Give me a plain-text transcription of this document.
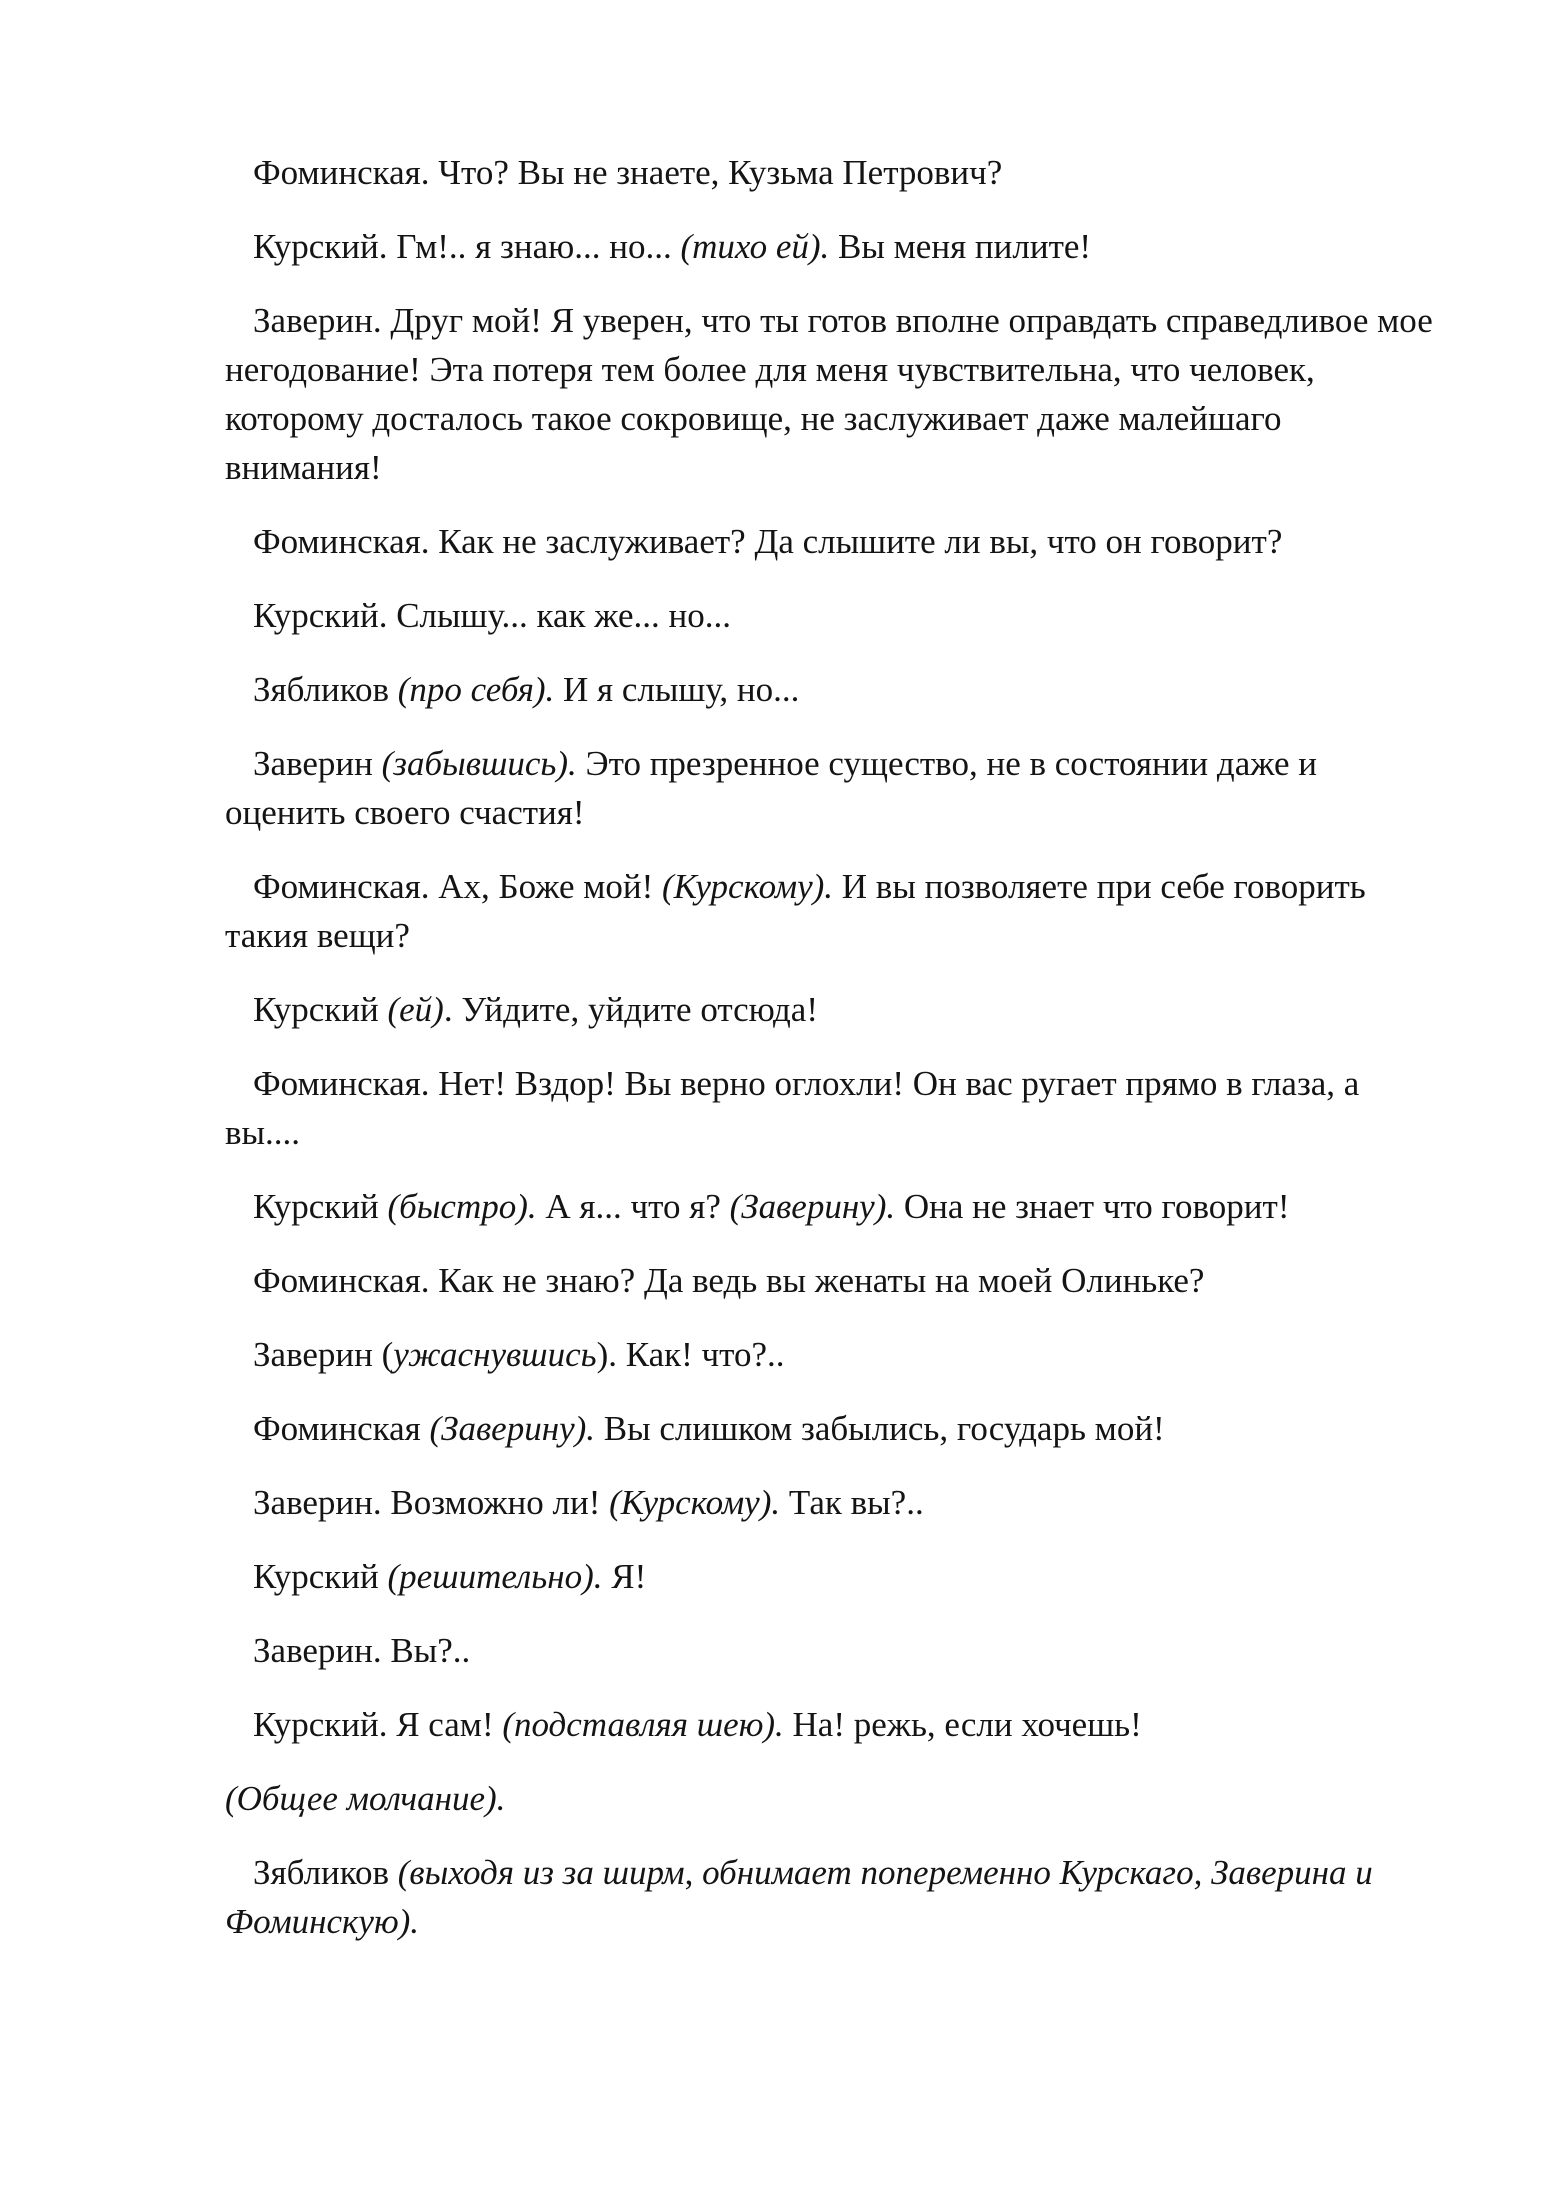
Фоминская. Что? Вы не знаете, Кузьма Петрович?

Курский. Гм!.. я знаю... но... (тихо ей). Вы меня пилите!

Заверин. Друг мой! Я уверен, что ты готов вполне оправдать справедливое мое негодование! Эта потеря тем более для меня чувствительна, что человек, которому досталось такое сокровище, не заслуживает даже малейшаго внимания!

Фоминская. Как не заслуживает? Да слышите ли вы, что он говорит?

Курский. Слышу... как же... но...

Зябликов (про себя). И я слышу, но...

Заверин (забывшись). Это презренное существо, не в состоянии даже и оценить своего счастия!

Фоминская. Ах, Боже мой! (Курскому). И вы позволяете при себе говорить такия вещи?

Курский (ей). Уйдите, уйдите отсюда!

Фоминская. Нет! Вздор! Вы верно оглохли! Он вас ругает прямо в глаза, а вы....

Курский (быстро). А я... что я? (Заверину). Она не знает что говорит!

Фоминская. Как не знаю? Да ведь вы женаты на моей Олиньке?

Заверин (ужаснувшись). Как! что?..

Фоминская (Заверину). Вы слишком забылись, государь мой!

Заверин. Возможно ли! (Курскому). Так вы?..

Курский (решительно). Я!

Заверин. Вы?..

Курский. Я сам! (подставляя шею). На! режь, если хочешь!

(Общее молчание).

Зябликов (выходя из за ширм, обнимает попеременно Курскаго, Заверина и Фоминскую).
